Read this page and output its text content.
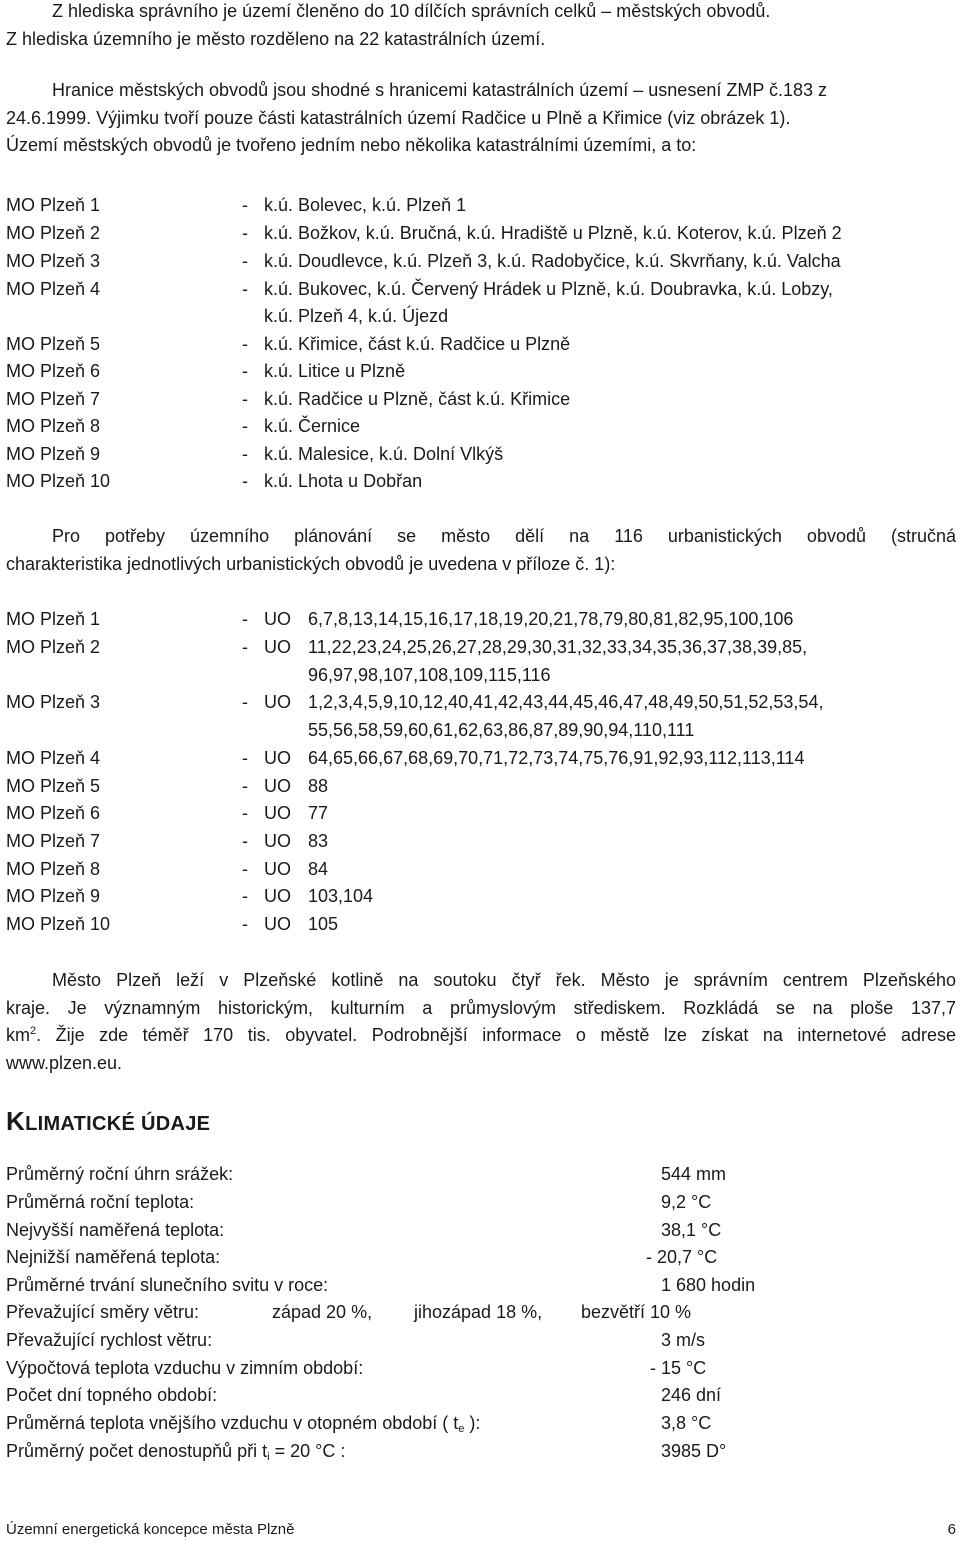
Z hlediska správního je území členěno do 10 dílčích správních celků – městských obvodů.
Z hlediska územního je město rozděleno na 22 katastrálních území.
Hranice městských obvodů jsou shodné s hranicemi katastrálních území – usnesení ZMP č.183 z
24.6.1999. Výjimku tvoří pouze části katastrálních území Radčice u Plně a Křimice (viz obrázek 1).
Území městských obvodů je tvořeno jedním nebo několika katastrálními územími, a to:
MO Plzeň 1	- k.ú. Bolevec, k.ú. Plzeň 1
MO Plzeň 2	- k.ú. Božkov, k.ú. Bručná, k.ú. Hradiště u Plzně, k.ú. Koterov, k.ú. Plzeň 2
MO Plzeň 3	- k.ú. Doudlevce, k.ú. Plzeň 3, k.ú. Radobyčice, k.ú. Skvrňany, k.ú. Valcha
MO Plzeň 4	- k.ú. Bukovec, k.ú. Červený Hrádek u Plzně, k.ú. Doubravka, k.ú. Lobzy,
k.ú. Plzeň 4, k.ú. Újezd
MO Plzeň 5	- k.ú. Křimice, část k.ú. Radčice u Plzně
MO Plzeň 6	- k.ú. Litice u Plzně
MO Plzeň 7	- k.ú. Radčice u Plzně, část k.ú. Křimice
MO Plzeň 8	- k.ú. Černice
MO Plzeň 9	- k.ú. Malesice, k.ú. Dolní Vlkýš
MO Plzeň 10	- k.ú. Lhota u Dobřan
Pro potřeby územního plánování se město dělí na 116 urbanistických obvodů (stručná
charakteristika jednotlivých urbanistických obvodů je uvedena v příloze č. 1):
MO Plzeň 1	- UO 6,7,8,13,14,15,16,17,18,19,20,21,78,79,80,81,82,95,100,106
MO Plzeň 2	- UO 11,22,23,24,25,26,27,28,29,30,31,32,33,34,35,36,37,38,39,85,
96,97,98,107,108,109,115,116
MO Plzeň 3	- UO 1,2,3,4,5,9,10,12,40,41,42,43,44,45,46,47,48,49,50,51,52,53,54,
55,56,58,59,60,61,62,63,86,87,89,90,94,110,111
MO Plzeň 4	- UO 64,65,66,67,68,69,70,71,72,73,74,75,76,91,92,93,112,113,114
MO Plzeň 5	- UO 88
MO Plzeň 6	- UO 77
MO Plzeň 7	- UO 83
MO Plzeň 8	- UO 84
MO Plzeň 9	- UO 103,104
MO Plzeň 10	- UO 105
Město Plzeň leží v Plzeňské kotlině na soutoku čtyř řek. Město je správním centrem Plzeňského
kraje. Je významným historickým, kulturním a průmyslovým střediskem. Rozkládá se na ploše 137,7
$km^2$. Žije zde téměř 170 tis. obyvatel. Podrobnější informace o městě lze získat na internetové adrese
www.plzen.eu.
KLIMATICKÉ ÚDAJE
Průměrný roční úhrn srážek:	544 mm
Průměrná roční teplota:	9,2 °C
Nejvyšší naměřená teplota:	38,1 °C
Nejnižší naměřená teplota:	- 20,7 °C
Průměrné trvání slunečního svitu v roce:	1 680 hodin
Převažující směry větru:	západ 20 %, jihozápad 18 %, bezvětří 10 %
Převažující rychlost větru:	3 m/s
Výpočtová teplota vzduchu v zimním období:	- 15 °C
Počet dní topného období:	246 dní
Průměrná teplota vnějšího vzduchu v otopném období ( $t_e$ ):	3,8 °C
Průměrný počet denostupňů při $t_i = 20$ °C :	3985 D°
Územní energetická koncepce města Plzně	6
